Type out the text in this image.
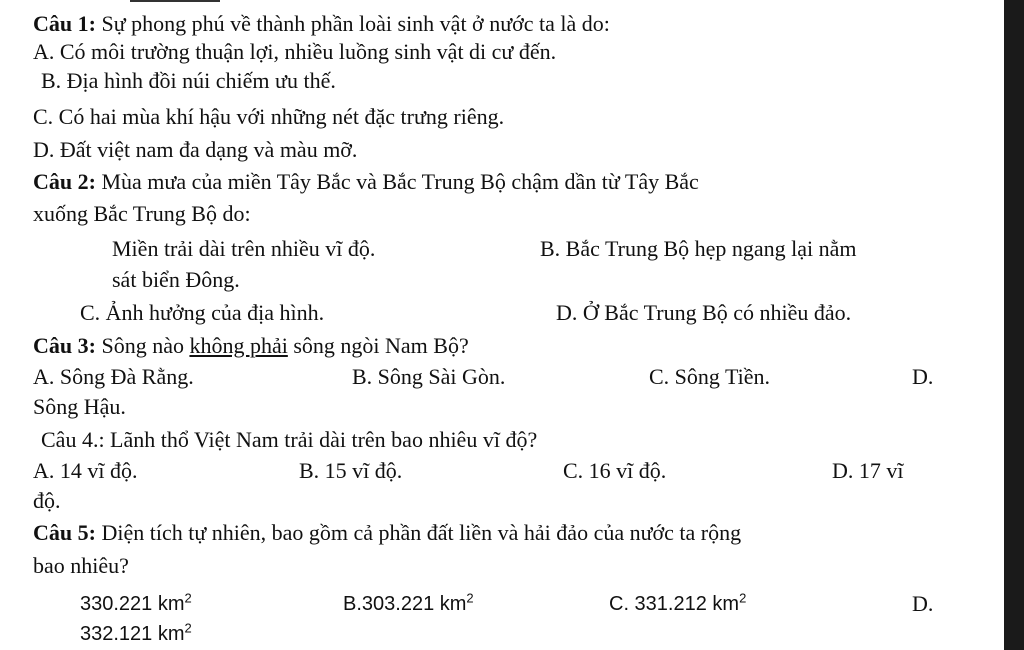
Câu 1: Sự phong phú về thành phần loài sinh vật ở nước ta là do:
A. Có môi trường thuận lợi, nhiều luồng sinh vật di cư đến.
B. Địa hình đồi núi chiếm ưu thế.
C. Có hai mùa khí hậu với những nét đặc trưng riêng.
D. Đất việt nam đa dạng và màu mỡ.
Câu 2: Mùa mưa của miền Tây Bắc và Bắc Trung Bộ chậm dần từ Tây Bắc
xuống Bắc Trung Bộ do:
Miền trải dài trên nhiều vĩ độ.	B. Bắc Trung Bộ hẹp ngang lại nằm
sát biển Đông.
C. Ảnh hưởng của địa hình.	D. Ở Bắc Trung Bộ có nhiều đảo.
Câu 3: Sông nào không phải sông ngòi Nam Bộ?
A. Sông Đà Rằng.	B. Sông Sài Gòn.	C. Sông Tiền.	D.
Sông Hậu.
Câu 4.: Lãnh thổ Việt Nam trải dài trên bao nhiêu vĩ độ?
A. 14 vĩ độ.	B. 15 vĩ độ.	C. 16 vĩ độ.	D. 17 vĩ
độ.
Câu 5: Diện tích tự nhiên, bao gồm cả phần đất liền và hải đảo của nước ta rộng
bao nhiêu?
330.221 $km^2$	B.303.221 $km^2$	C. 331.212 $km^2$	D.
332.121 $km^2$
